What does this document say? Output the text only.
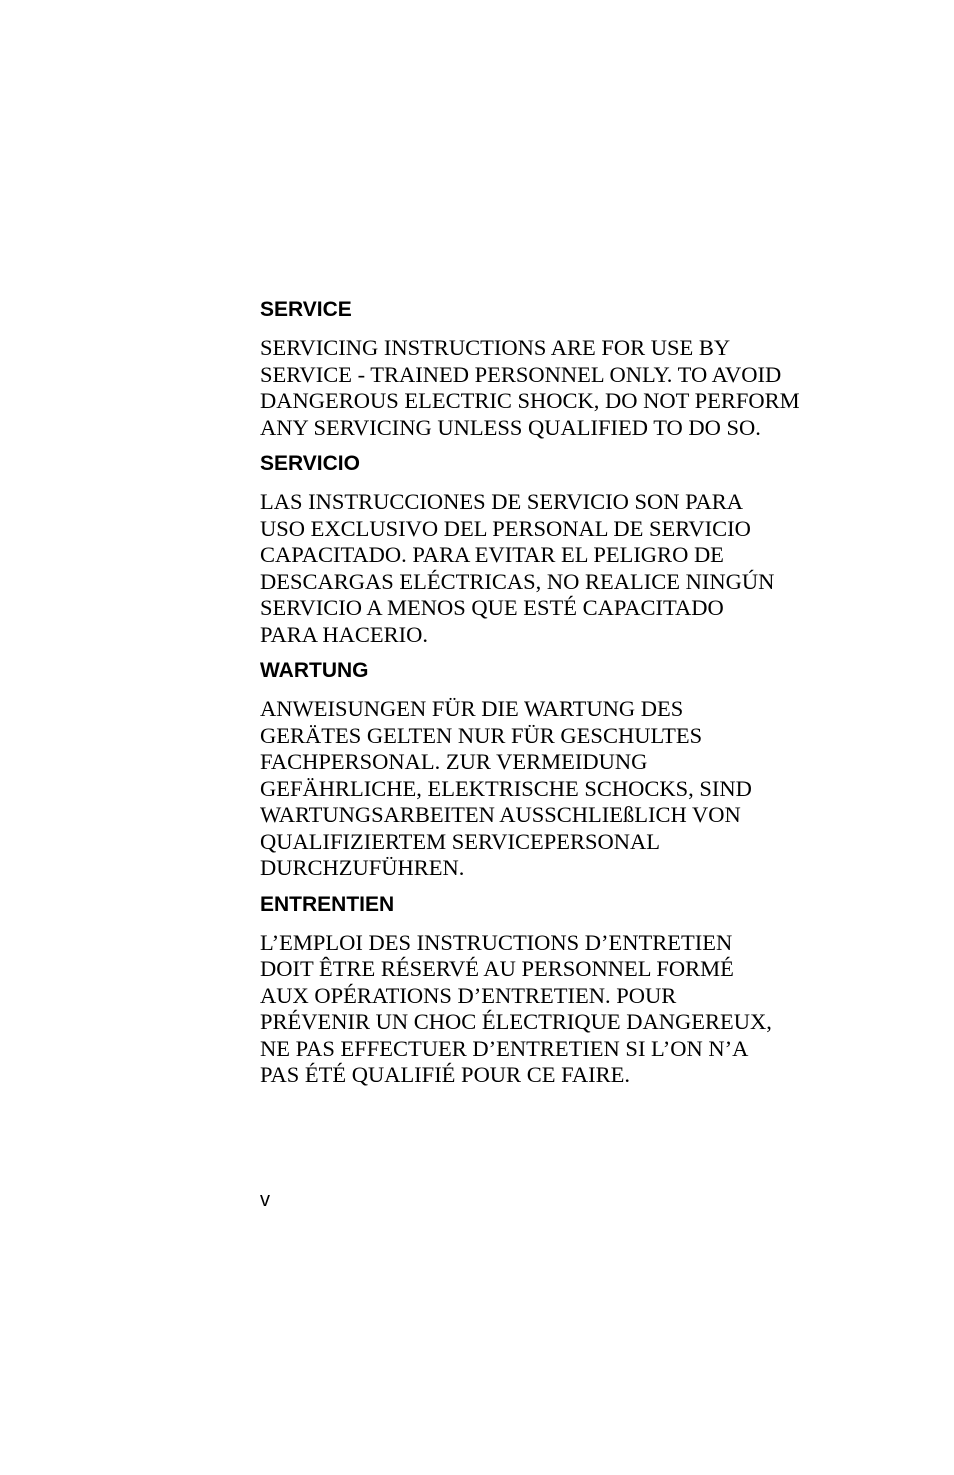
SERVICE

SERVICING INSTRUCTIONS ARE FOR USE BY
SERVICE - TRAINED PERSONNEL ONLY. TO AVOID
DANGEROUS ELECTRIC SHOCK, DO NOT PERFORM
ANY SERVICING UNLESS QUALIFIED TO DO SO.

SERVICIO

LAS INSTRUCCIONES DE SERVICIO SON PARA
USO EXCLUSIVO DEL PERSONAL DE SERVICIO
CAPACITADO. PARA EVITAR EL PELIGRO DE
DESCARGAS ELÉCTRICAS, NO REALICE NINGÚN
SERVICIO A MENOS QUE ESTÉ CAPACITADO
PARA HACERIO.

WARTUNG

ANWEISUNGEN FÜR DIE WARTUNG DES
GERÄTES GELTEN NUR FÜR GESCHULTES
FACHPERSONAL. ZUR VERMEIDUNG
GEFÄHRLICHE, ELEKTRISCHE SCHOCKS, SIND
WARTUNGSARBEITEN AUSSCHLIEßLICH VON
QUALIFIZIERTEM SERVICEPERSONAL
DURCHZUFÜHREN.

ENTRENTIEN

L’EMPLOI DES INSTRUCTIONS D’ENTRETIEN
DOIT ÊTRE RÉSERVÉ AU PERSONNEL FORMÉ
AUX OPÉRATIONS D’ENTRETIEN. POUR
PRÉVENIR UN CHOC ÉLECTRIQUE DANGEREUX,
NE PAS EFFECTUER D’ENTRETIEN SI L’ON N’A
PAS ÉTÉ QUALIFIÉ POUR CE FAIRE.

v
